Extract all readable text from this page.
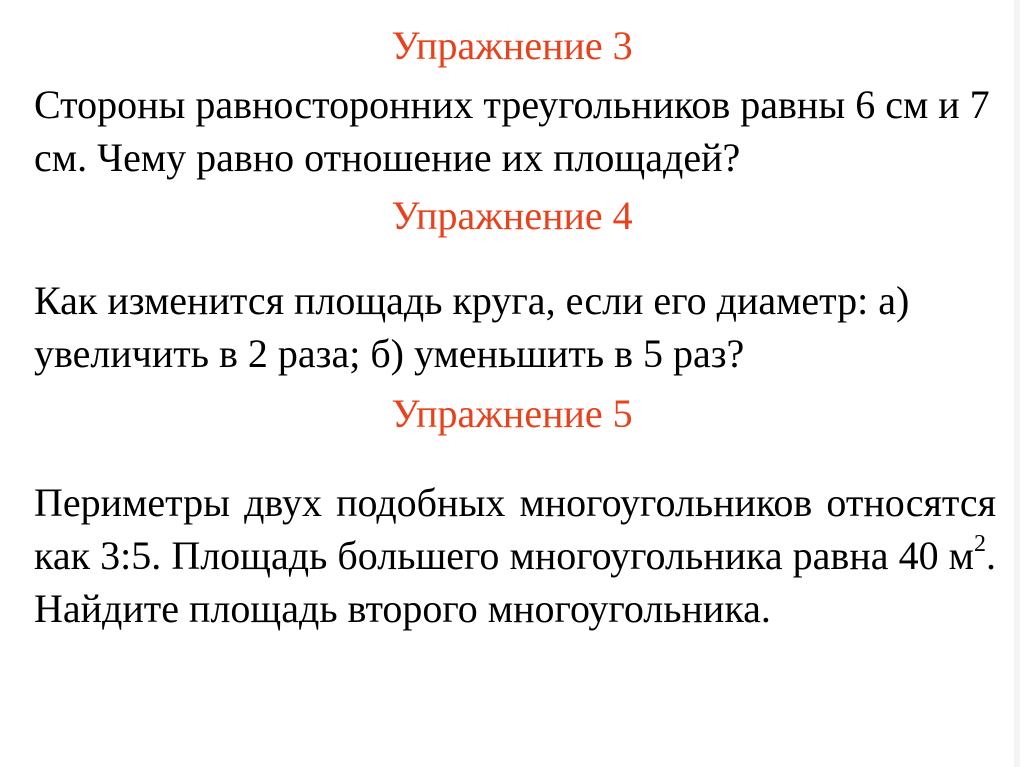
Упражнение 3

Стороны равносторонних треугольников равны 6 см и 7 см. Чему равно отношение их площадей?

Упражнение 4

Как изменится площадь круга, если его диаметр: а) увеличить в 2 раза; б) уменьшить в 5 раз?

Упражнение 5

Периметры двух подобных многоугольников относятся как 3:5. Площадь большего многоугольника равна 40 $м^2$. Найдите площадь второго многоугольника.
